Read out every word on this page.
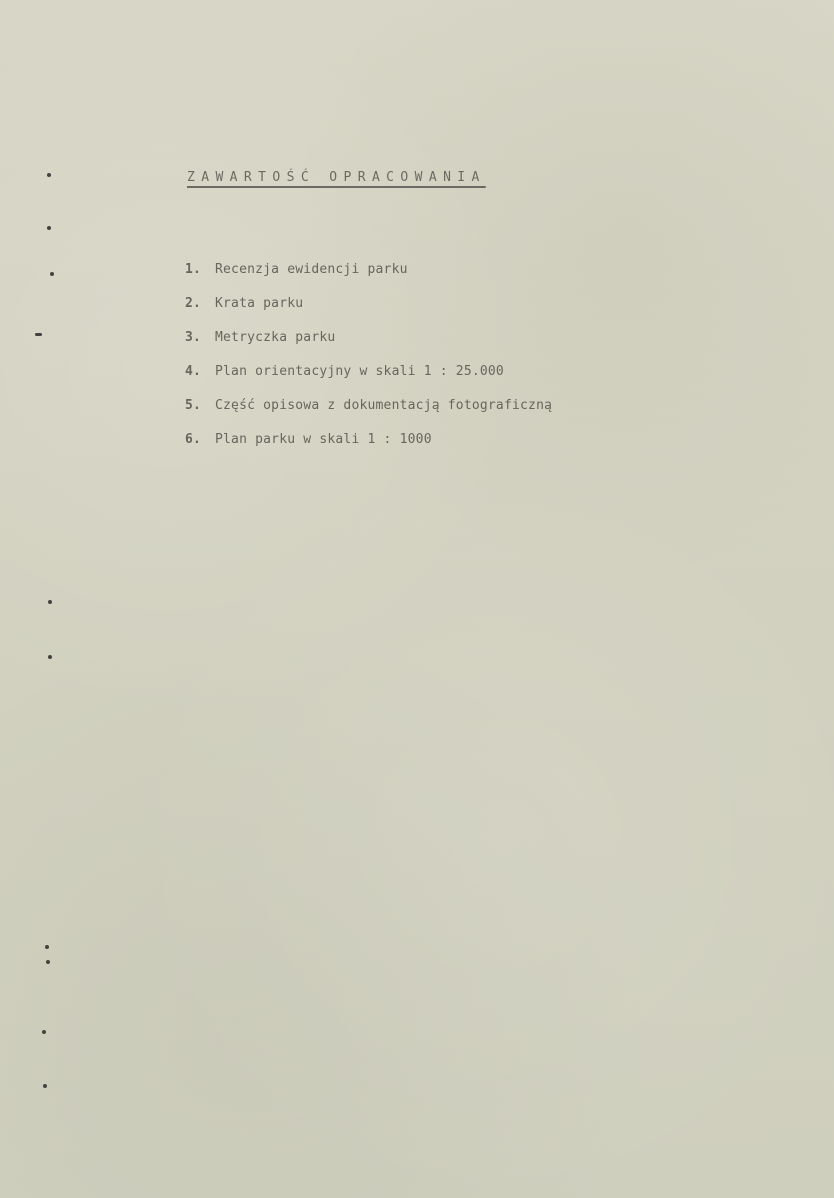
ZAWARTOŚĆ OPRACOWANIA
1. Recenzja ewidencji parku
2. Krata parku
3. Metryczka parku
4. Plan orientacyjny w skali 1 : 25.000
5. Część opisowa z dokumentacją fotograficzną
6. Plan parku w skali 1 : 1000
